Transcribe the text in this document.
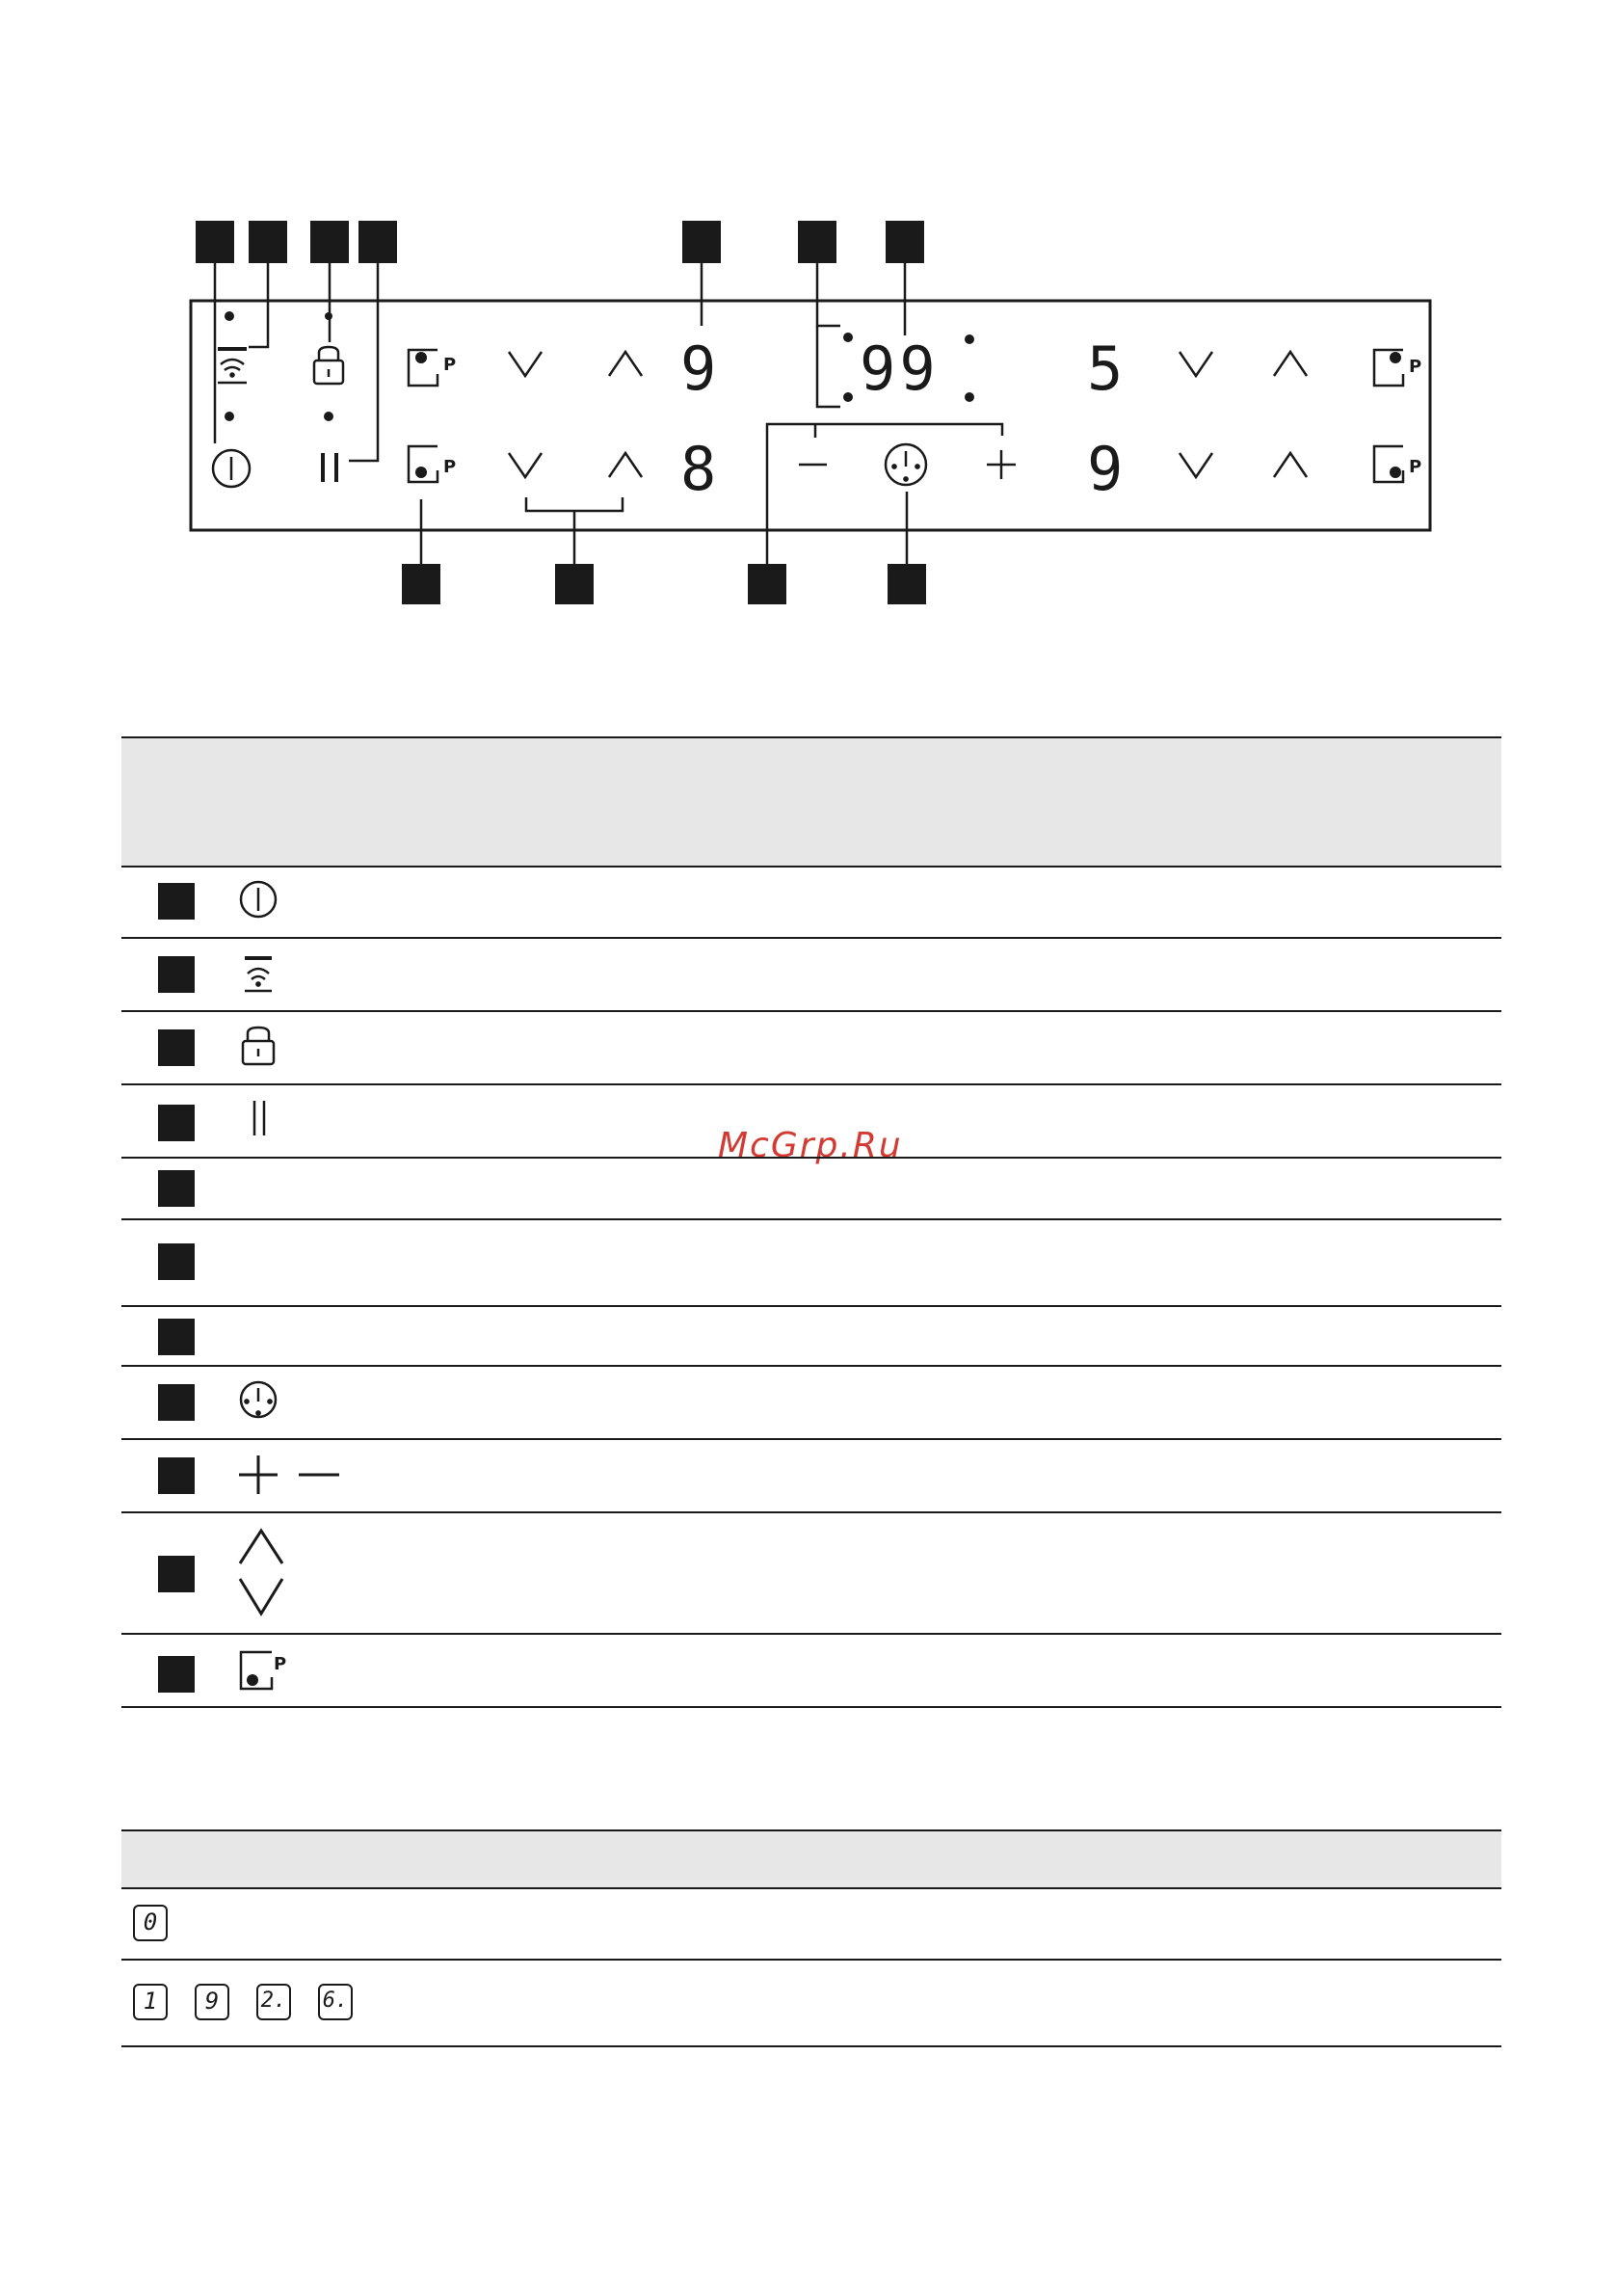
P
P
P
P
9
8
99 5
9
McGrp.Ru
P
0
1	9	2. 6.
